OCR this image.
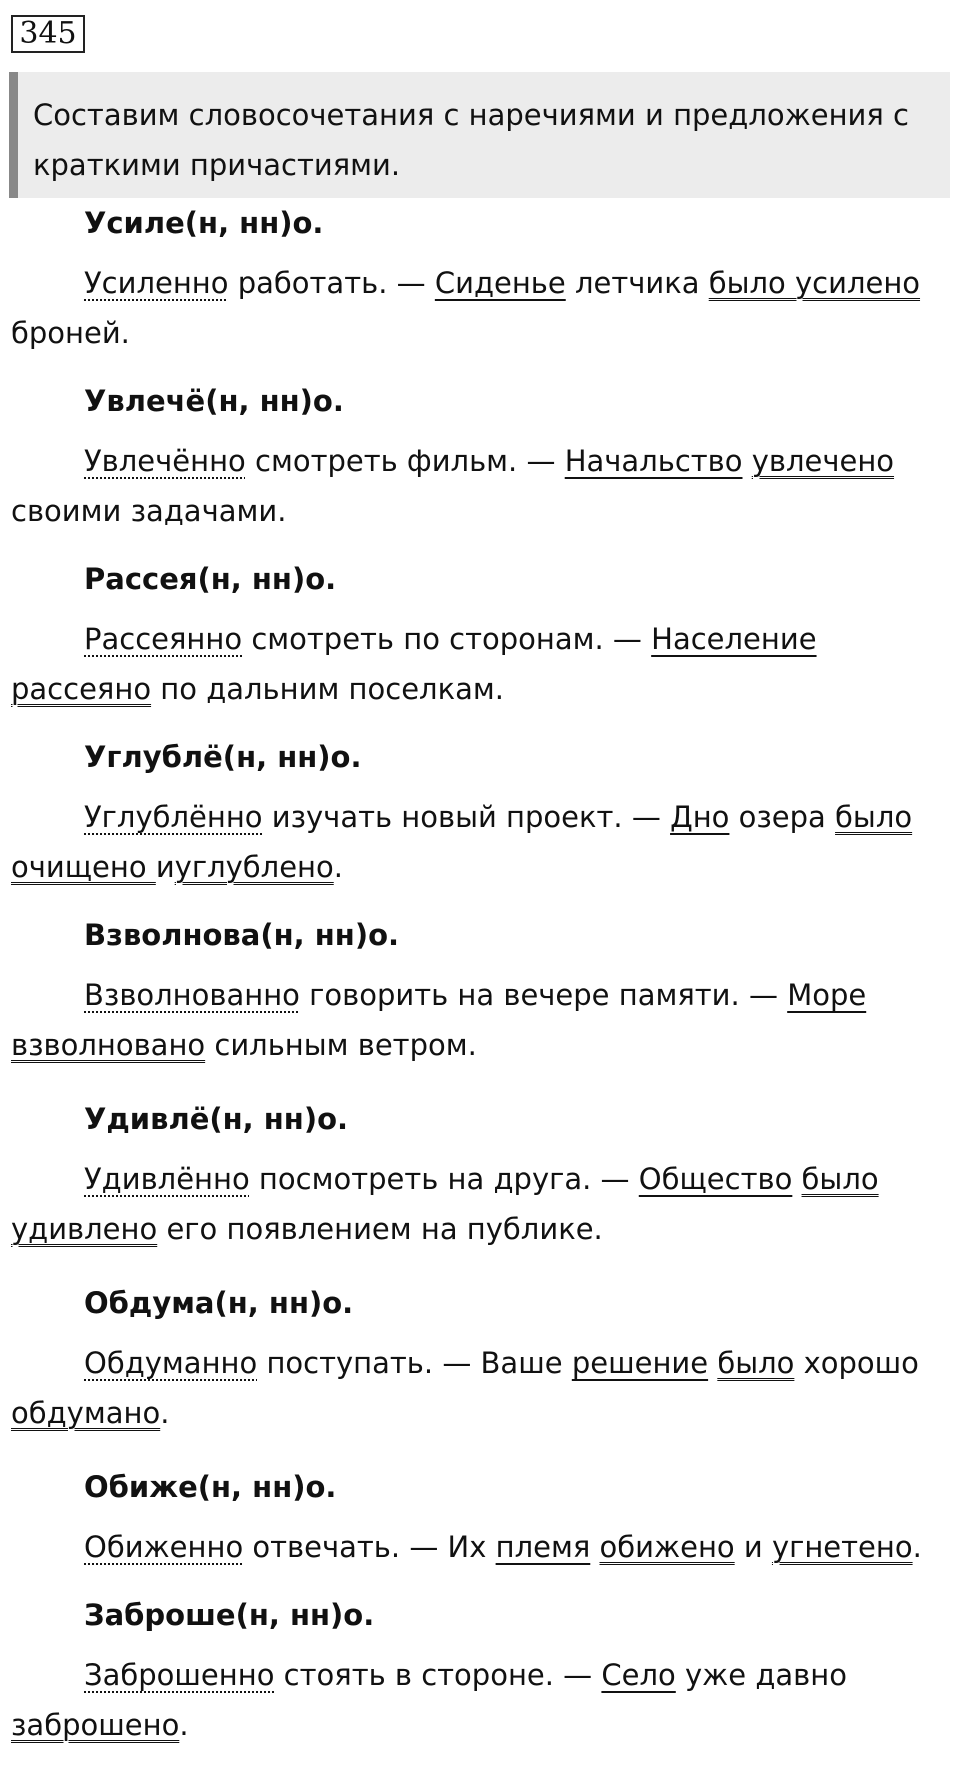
345
Составим словосочетания с наречиями и предложения с краткими причастиями.
Усиле(н, нн)о.
Усиленно работать. — Сиденье летчика было усилено броней.
Увлечё(н, нн)о.
Увлечённо смотреть фильм. — Начальство увлечено своими задачами.
Рассея(н, нн)о.
Рассеянно смотреть по сторонам. — Население рассеяно по дальним поселкам.
Углублё(н, нн)о.
Углублённо изучать новый проект. — Дно озера было очищено иуглублено.
Взволнова(н, нн)о.
Взволнованно говорить на вечере памяти. — Море взволновано сильным ветром.
Удивлё(н, нн)о.
Удивлённо посмотреть на друга. — Общество было удивлено его появлением на публике.
Обдума(н, нн)о.
Обдуманно поступать. — Ваше решение было хорошо обдумано.
Обиже(н, нн)о.
Обиженно отвечать. — Их племя обижено и угнетено.
Заброше(н, нн)о.
Заброшенно стоять в стороне. — Село уже давно заброшено.
